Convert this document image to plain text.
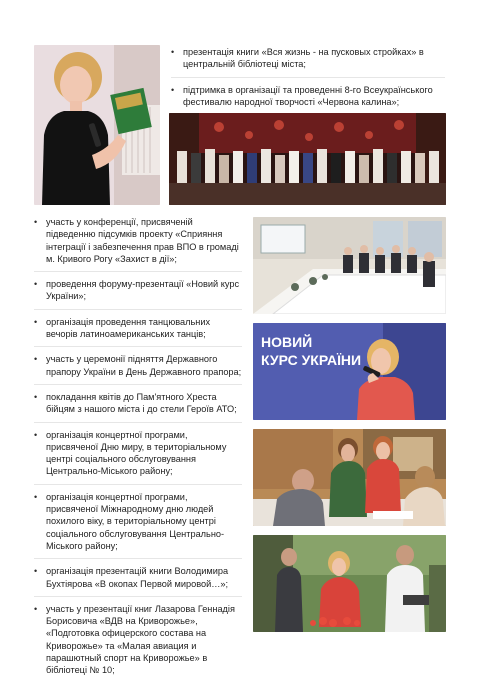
• презентація книги «Вся жизнь - на пусковых стройках» в центральній бібліотеці міста;
• підтримка в організації та проведенні 8-го Всеукраїнського фестивалю народної творчості «Червона калина»;
• участь у конференції, присвяченій підведенню підсумків проекту «Сприяння інтеграції і забезпечення прав ВПО в громаді м. Кривого Рогу «Захист в дії»;
• проведення форуму-презентації «Новий курс України»;
• організація проведення танцювальних вечорів латиноамериканських танців;
• участь у церемонії підняття Державного прапору України в День Державного прапора;
• покладання квітів до Пам'ятного Хреста бійцям з нашого міста і до стели Героїв АТО;
• організація концертної програми, присвяченої Дню миру, в територіальному центрі соціального обслуговування Центрально-Міського району;
• організація концертної програми, присвяченої Міжнародному дню людей похилого віку, в територіальному центрі соціального обслуговування Центрально-Міського району;
• організація презентацій книги Володимира Бухтіярова «В окопах Первой мировой…»;
• участь у презентації книг Лазарова Геннадія Борисовича «ВДВ на Криворожье», «Подготовка офицерского состава на Криворожье» та «Малая авиация и парашютный спорт на Криворожье» в бібліотеці № 10;
НОВИЙ
КУРС УКРАЇНИ
